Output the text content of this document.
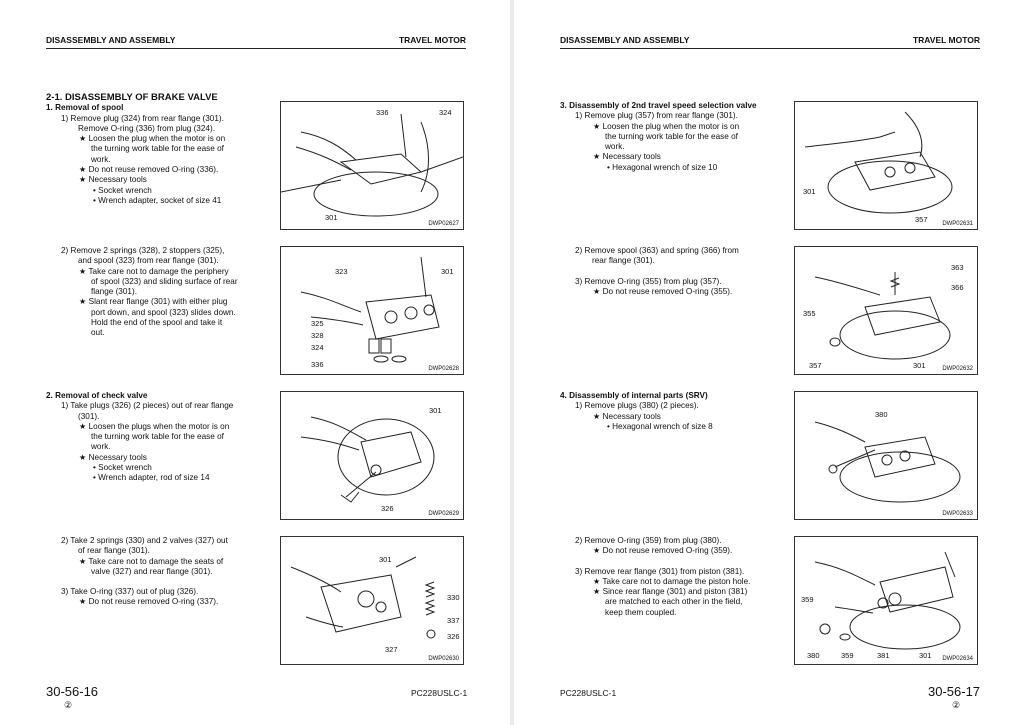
DISASSEMBLY AND ASSEMBLY	TRAVEL MOTOR

2-1. DISASSEMBLY OF BRAKE VALVE

1. Removal of spool

1) Remove plug (324) from rear flange (301).

Remove O-ring (336) from plug (324).

★ Loosen the plug when the motor is on

the turning work table for the ease of

work.

★ Do not reuse removed O-ring (336).

★ Necessary tools

• Socket wrench

• Wrench adapter, socket of size 41

336	324
301
DWP02627

2) Remove 2 springs (328), 2 stoppers (325),

and spool (323) from rear flange (301).

★ Take care not to damage the periphery

of spool (323) and sliding surface of rear

flange (301).

★ Slant rear flange (301) with either plug

port down, and spool (323) slides down.

Hold the end of the spool and take it

out.

323	301
325
328
324
336	DWP02628

2. Removal of check valve

1) Take plugs (326) (2 pieces) out of rear flange

(301).

★ Loosen the plugs when the motor is on

the turning work table for the ease of

work.

★ Necessary tools

• Socket wrench

• Wrench adapter, rod of size 14

301
326
DWP02629

2) Take 2 springs (330) and 2 valves (327) out

of rear flange (301).

★ Take care not to damage the seats of

valve (327) and rear flange (301).

3) Take O-ring (337) out of plug (326).

★ Do not reuse removed O-ring (337).

301
330
337
326
327
DWP02630
30-56-16
②
PC228USLC-1
DISASSEMBLY AND ASSEMBLY	TRAVEL MOTOR

3. Disassembly of 2nd travel speed selection valve

1) Remove plug (357) from rear flange (301).

★ Loosen the plug when the motor is on

the turning work table for the ease of

work.

★ Necessary tools

• Hexagonal wrench of size 10

301
357 DWP02631

2) Remove spool (363) and spring (366) from

rear flange (301).

3) Remove O-ring (355) from plug (357).

★ Do not reuse removed O-ring (355).

363
366
355
357	301	DWP02632

4. Disassembly of internal parts (SRV)

1) Remove plugs (380) (2 pieces).

★ Necessary tools

• Hexagonal wrench of size 8

380
DWP02633

2) Remove O-ring (359) from plug (380).

★ Do not reuse removed O-ring (359).

3) Remove rear flange (301) from piston (381).

★ Take care not to damage the piston hole.

★ Since rear flange (301) and piston (381)

are matched to each other in the field,

keep them coupled.

359
380	359	381	301 DWP02634
PC228USLC-1	30-56-17
②
